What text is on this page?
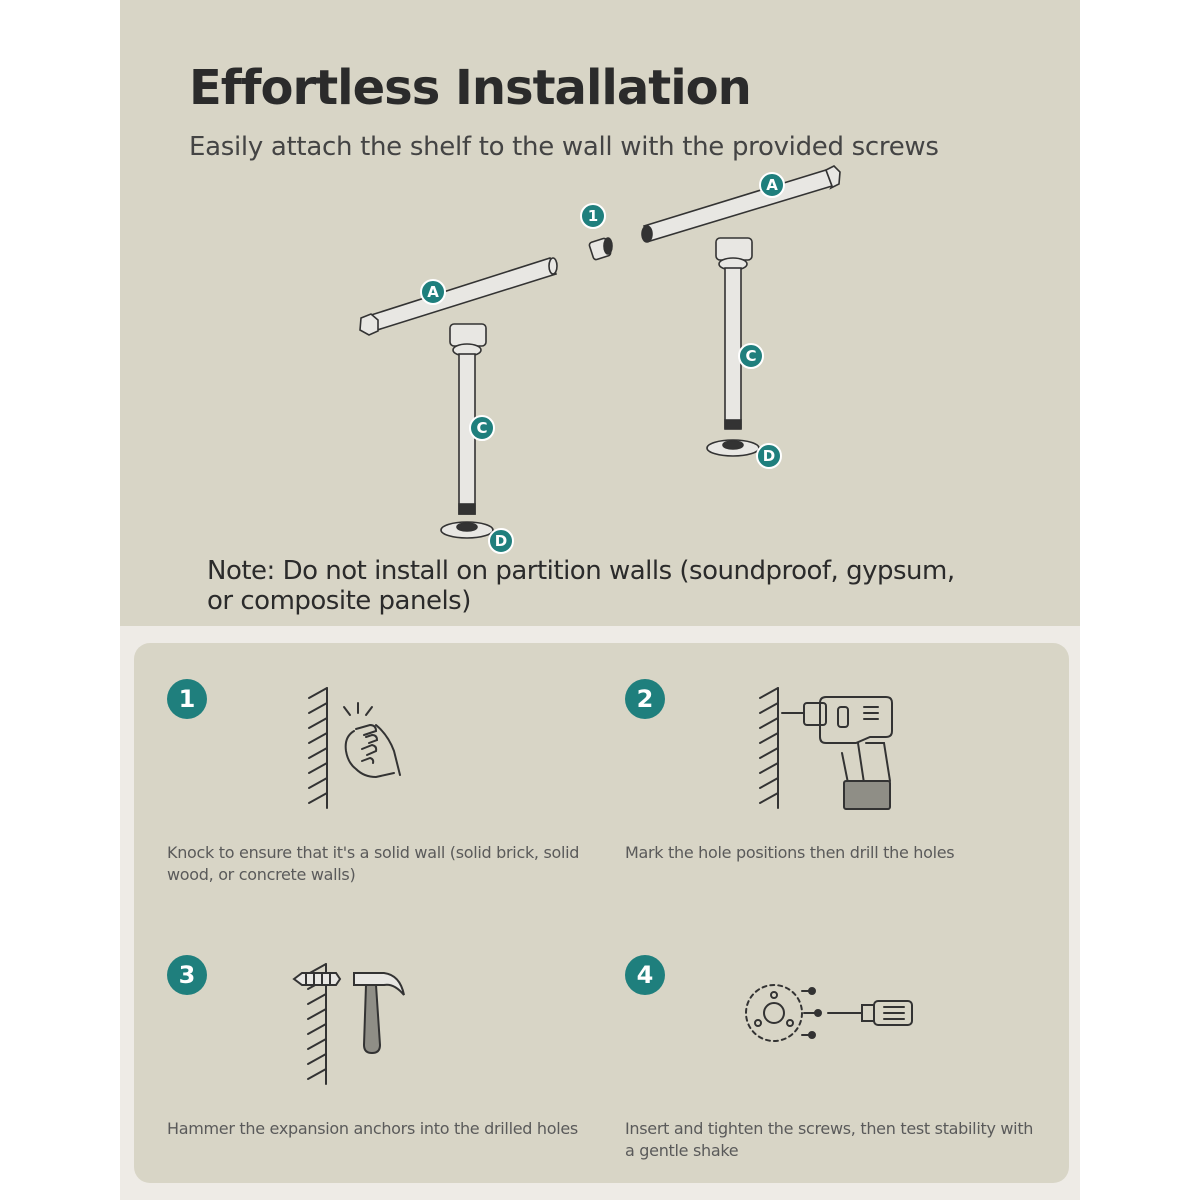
Effortless Installation

Easily attach the shelf to the wall with the provided screws

A
A
1
C
C
D
D

Note: Do not install on partition walls (soundproof, gypsum, or composite panels)

1

Knock to ensure that it's a solid wall (solid brick, solid wood, or concrete walls)

2

Mark the hole positions then drill the holes

3

Hammer the expansion anchors into the drilled holes

4

Insert and tighten the screws, then test stability with a gentle shake
